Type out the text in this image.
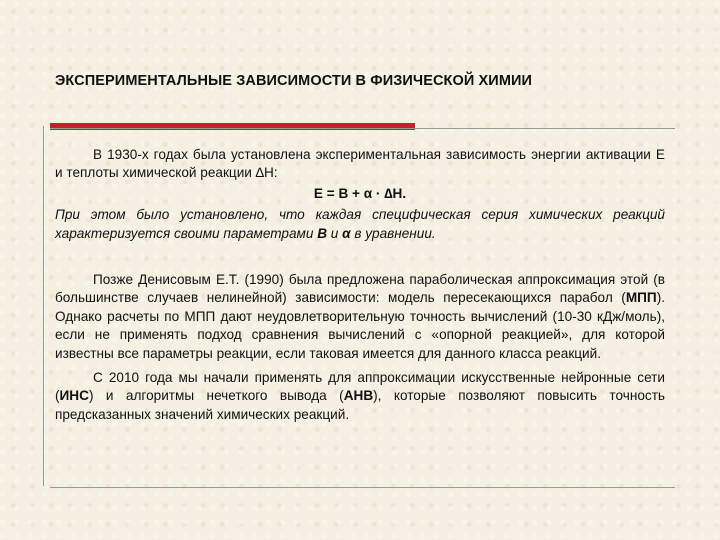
ЭКСПЕРИМЕНТАЛЬНЫЕ ЗАВИСИМОСТИ В ФИЗИЧЕСКОЙ ХИМИИ

В 1930-х годах была установлена экспериментальная зависимость энергии активации Е и теплоты химической реакции ∆H:

E = B + α · ∆H.

При этом было установлено, что каждая специфическая серия химических реакций характеризуется своими параметрами B и α в уравнении.

Позже Денисовым Е.Т. (1990) была предложена параболическая аппроксимация этой (в большинстве случаев нелинейной) зависимости: модель пересекающихся парабол (МПП). Однако расчеты по МПП дают неудовлетворительную точность вычислений (10-30 кДж/моль), если не применять подход сравнения вычислений с «опорной реакцией», для которой известны все параметры реакции, если таковая имеется для данного класса реакций.

С 2010 года мы начали применять для аппроксимации искусственные нейронные сети (ИНС) и алгоритмы нечеткого вывода (АНВ), которые позволяют повысить точность предсказанных значений химических реакций.
